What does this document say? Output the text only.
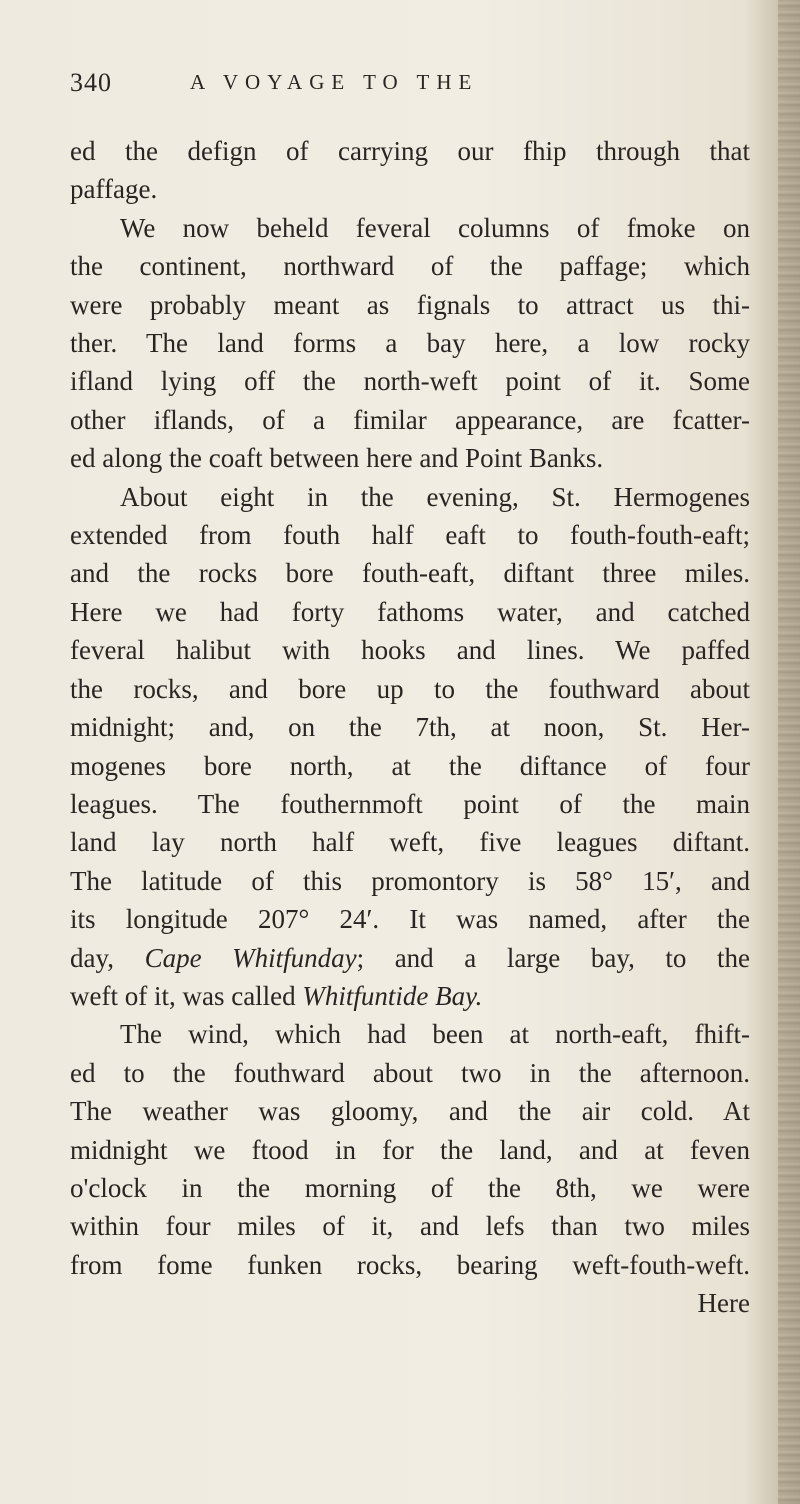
340	A VOYAGE TO THE
ed the defign of carrying our fhip through that
paffage.
We now beheld feveral columns of fmoke on
the continent, northward of the paffage; which
were probably meant as fignals to attract us thi-
ther. The land forms a bay here, a low rocky
ifland lying off the north-weft point of it. Some
other iflands, of a fimilar appearance, are fcatter-
ed along the coaft between here and Point Banks.
About eight in the evening, St. Hermogenes
extended from fouth half eaft to fouth-fouth-eaft;
and the rocks bore fouth-eaft, diftant three miles.
Here we had forty fathoms water, and catched
feveral halibut with hooks and lines. We paffed
the rocks, and bore up to the fouthward about
midnight; and, on the 7th, at noon, St. Her-
mogenes bore north, at the diftance of four
leagues. The fouthernmoft point of the main
land lay north half weft, five leagues diftant.
The latitude of this promontory is 58° 15′, and
its longitude 207° 24′. It was named, after the
day, Cape Whitfunday; and a large bay, to the
weft of it, was called Whitfuntide Bay.
The wind, which had been at north-eaft, fhift-
ed to the fouthward about two in the afternoon.
The weather was gloomy, and the air cold. At
midnight we ftood in for the land, and at feven
o'clock in the morning of the 8th, we were
within four miles of it, and lefs than two miles
from fome funken rocks, bearing weft-fouth-weft.
Here
